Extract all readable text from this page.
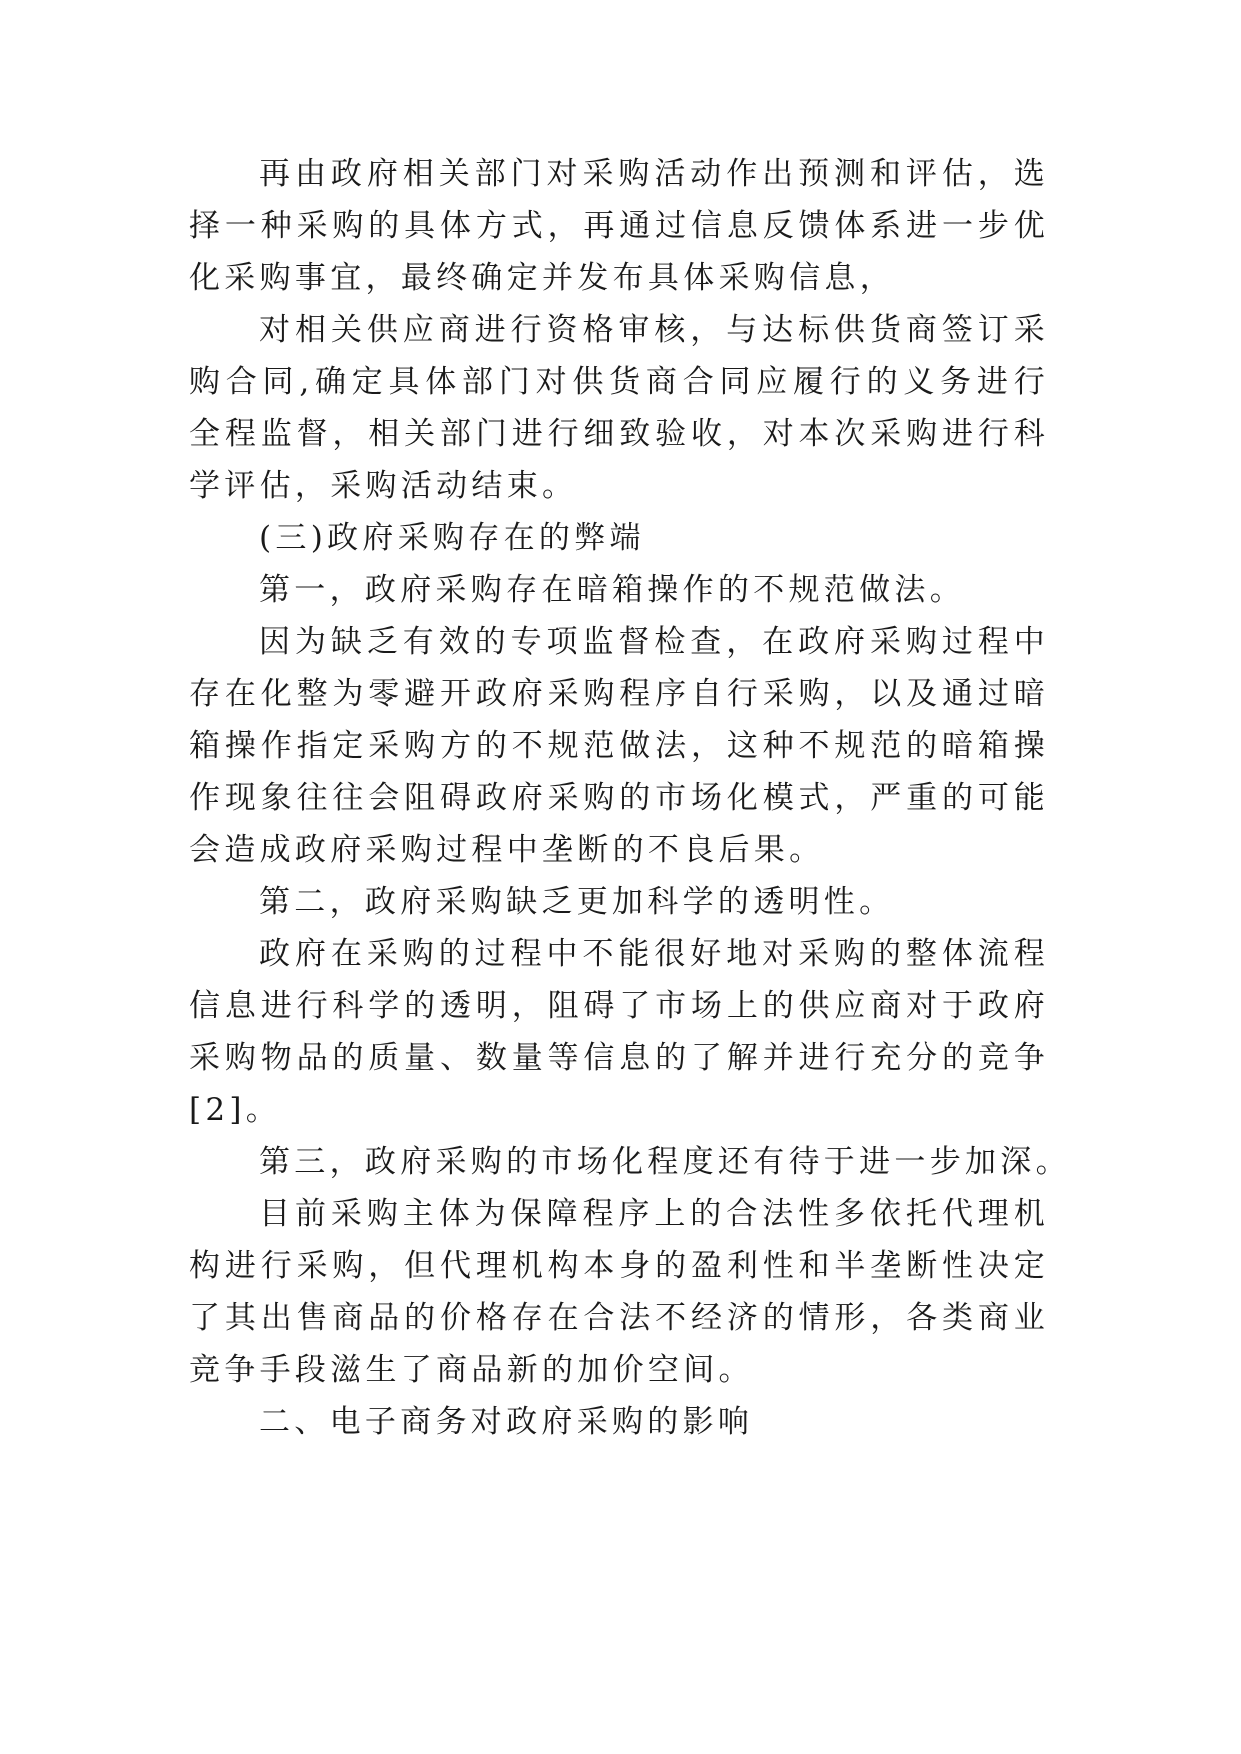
再由政府相关部门对采购活动作出预测和评估，选择一种采购的具体方式，再通过信息反馈体系进一步优化采购事宜，最终确定并发布具体采购信息，

对相关供应商进行资格审核，与达标供货商签订采购合同,确定具体部门对供货商合同应履行的义务进行全程监督，相关部门进行细致验收，对本次采购进行科学评估，采购活动结束。

(三)政府采购存在的弊端

第一，政府采购存在暗箱操作的不规范做法。

因为缺乏有效的专项监督检查，在政府采购过程中存在化整为零避开政府采购程序自行采购，以及通过暗箱操作指定采购方的不规范做法，这种不规范的暗箱操作现象往往会阻碍政府采购的市场化模式，严重的可能会造成政府采购过程中垄断的不良后果。

第二，政府采购缺乏更加科学的透明性。

政府在采购的过程中不能很好地对采购的整体流程信息进行科学的透明，阻碍了市场上的供应商对于政府采购物品的质量、数量等信息的了解并进行充分的竞争[2]。

第三，政府采购的市场化程度还有待于进一步加深。

目前采购主体为保障程序上的合法性多依托代理机构进行采购，但代理机构本身的盈利性和半垄断性决定了其出售商品的价格存在合法不经济的情形，各类商业竞争手段滋生了商品新的加价空间。

二、电子商务对政府采购的影响
